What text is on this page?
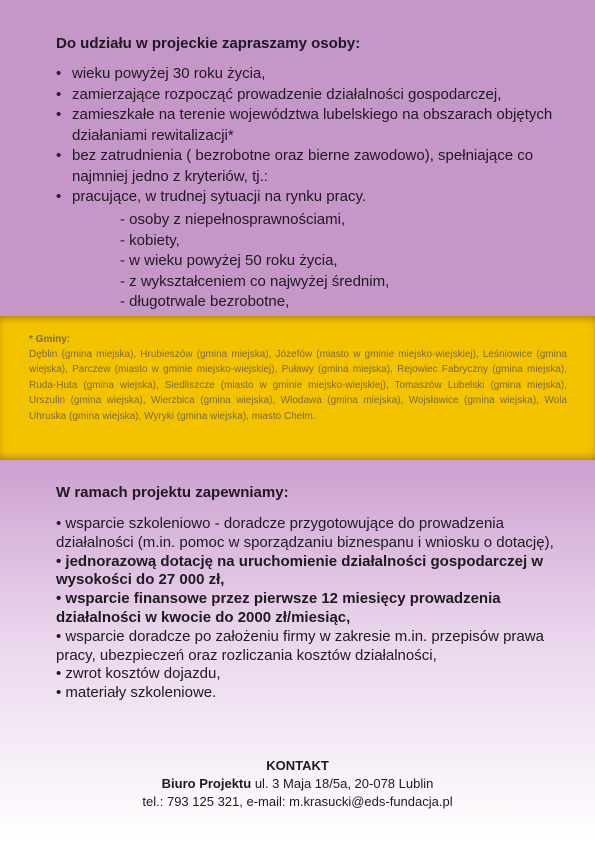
Do udziału w projeckie zapraszamy osoby:

• wieku powyżej 30 roku życia,
• zamierzające rozpocząć prowadzenie działalności gospodarczej,
• zamieszkałe na terenie województwa lubelskiego na obszarach objętych działaniami rewitalizacji*
• bez zatrudnienia ( bezrobotne oraz bierne zawodowo), spełniające co najmniej jedno z kryteriów, tj.:
- osoby z niepełnosprawnościami,
- kobiety,
- w wieku powyżej 50 roku życia,
- z wykształceniem co najwyżej średnim,
- długotrwale bezrobotne,
• pracujące, w trudnej sytuacji na rynku pracy.
* Gminy:

Dęblin (gmina miejska), Hrubieszów (gmina miejska), Józefów (miasto w gminie miejsko-wiejskiej), Leśniowice (gmina wiejska), Parczew (miasto w gminie miejsko-wiejskiej), Puławy (gmina miejska), Rejowiec Fabryczny (gmina miejska), Ruda-Huta (gmina wiejska), Siedliszcze (miasto w gminie miejsko-wiejskiej), Tomaszów Lubelski (gmina miejska), Urszulin (gmina wiejska), Wierzbica (gmina wiejska), Włodawa (gmina miejska), Wojsławice (gmina wiejska), Wola Uhruska (gmina wiejska), Wyryki (gmina wiejska), miasto Chełm.

W ramach projektu zapewniamy:

• wsparcie szkoleniowo - doradcze przygotowujące do prowadzenia działalności (m.in. pomoc w sporządzaniu biznespanu i wniosku o dotację),
• jednorazową dotację na uruchomienie działalności gospodarczej w wysokości do 27 000 zł,
• wsparcie finansowe przez pierwsze 12 miesięcy prowadzenia działalności w kwocie do 2000 zł/miesiąc,
• wsparcie doradcze po założeniu firmy w zakresie m.in. przepisów prawa pracy, ubezpieczeń oraz rozliczania kosztów działalności,
• zwrot kosztów dojazdu,
• materiały szkoleniowe.
KONTAKT
Biuro Projektu ul. 3 Maja 18/5a, 20-078 Lublin
tel.: 793 125 321, e-mail: m.krasucki@eds-fundacja.pl
